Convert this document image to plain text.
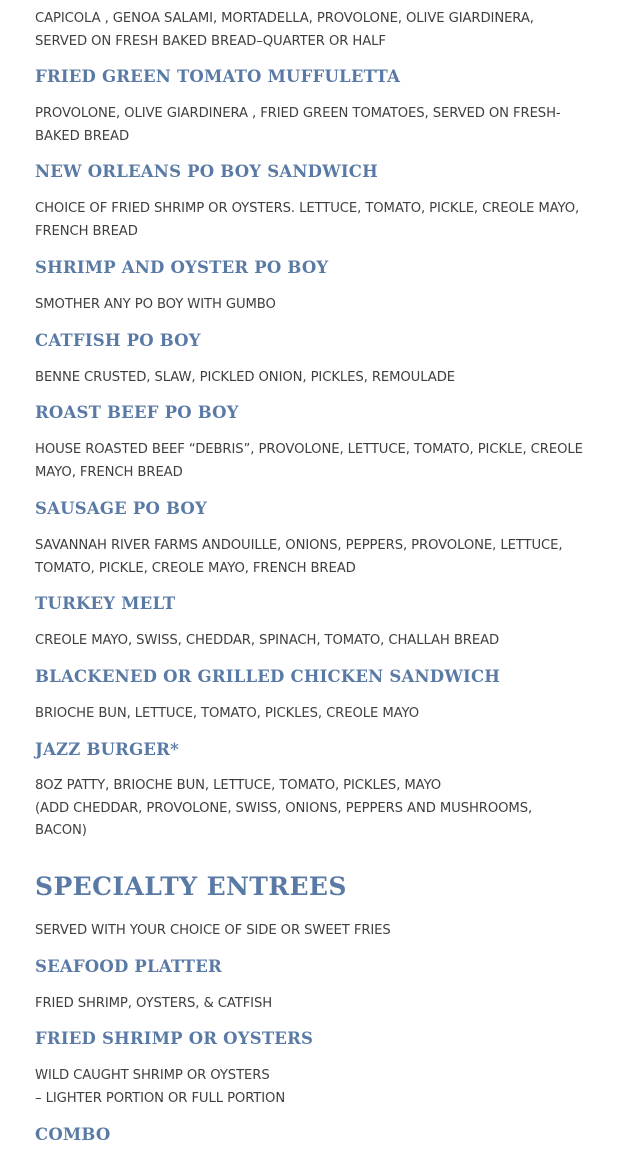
CAPICOLA , GENOA SALAMI, MORTADELLA, PROVOLONE, OLIVE GIARDINERA,
SERVED ON FRESH BAKED BREAD–QUARTER OR HALF

FRIED GREEN TOMATO MUFFULETTA

PROVOLONE, OLIVE GIARDINERA , FRIED GREEN TOMATOES, SERVED ON FRESH-
BAKED BREAD

NEW ORLEANS PO BOY SANDWICH

CHOICE OF FRIED SHRIMP OR OYSTERS. LETTUCE, TOMATO, PICKLE, CREOLE MAYO,
FRENCH BREAD

SHRIMP AND OYSTER PO BOY

SMOTHER ANY PO BOY WITH GUMBO

CATFISH PO BOY

BENNE CRUSTED, SLAW, PICKLED ONION, PICKLES, REMOULADE

ROAST BEEF PO BOY

HOUSE ROASTED BEEF “DEBRIS”, PROVOLONE, LETTUCE, TOMATO, PICKLE, CREOLE
MAYO, FRENCH BREAD

SAUSAGE PO BOY

SAVANNAH RIVER FARMS ANDOUILLE, ONIONS, PEPPERS, PROVOLONE, LETTUCE,
TOMATO, PICKLE, CREOLE MAYO, FRENCH BREAD

TURKEY MELT

CREOLE MAYO, SWISS, CHEDDAR, SPINACH, TOMATO, CHALLAH BREAD

BLACKENED OR GRILLED CHICKEN SANDWICH

BRIOCHE BUN, LETTUCE, TOMATO, PICKLES, CREOLE MAYO

JAZZ BURGER*

8OZ PATTY, BRIOCHE BUN, LETTUCE, TOMATO, PICKLES, MAYO
(ADD CHEDDAR, PROVOLONE, SWISS, ONIONS, PEPPERS AND MUSHROOMS,
BACON)

SPECIALTY ENTREES

SERVED WITH YOUR CHOICE OF SIDE OR SWEET FRIES

SEAFOOD PLATTER

FRIED SHRIMP, OYSTERS, & CATFISH

FRIED SHRIMP OR OYSTERS

WILD CAUGHT SHRIMP OR OYSTERS
– LIGHTER PORTION OR FULL PORTION

COMBO
